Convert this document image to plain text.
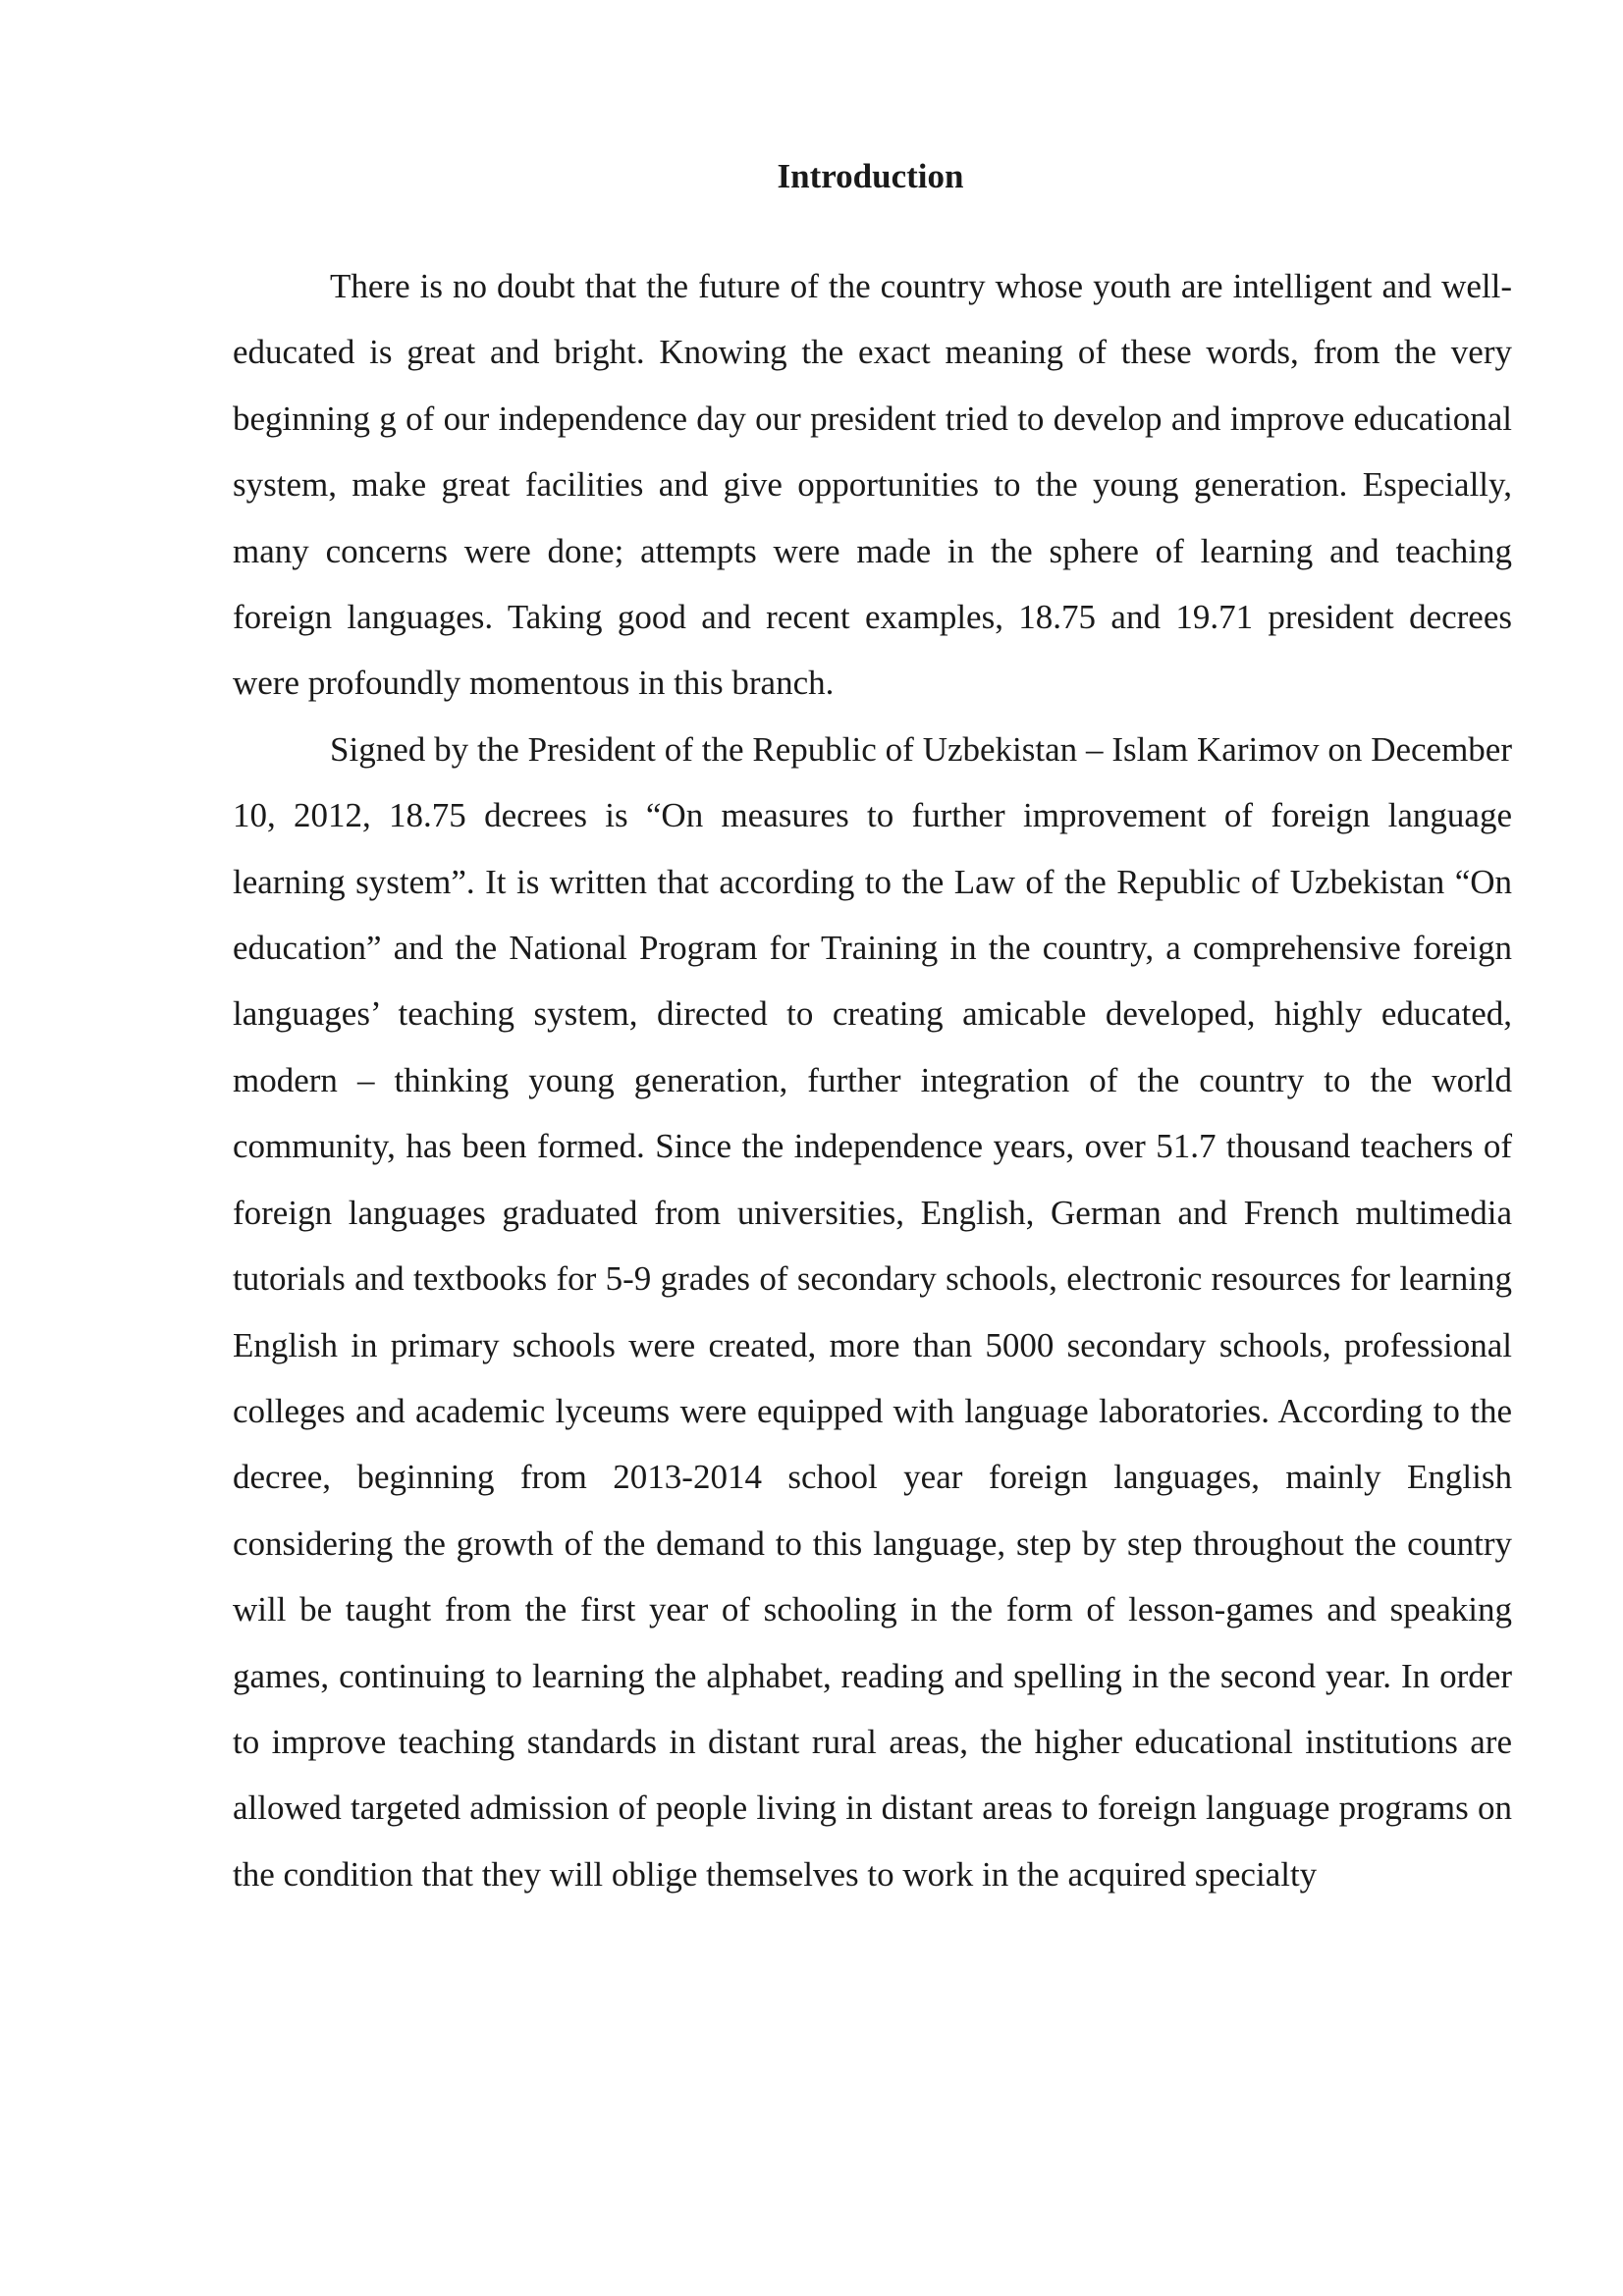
Introduction

There is no doubt that the future of the country whose youth are intelligent and well-educated is great and bright. Knowing the exact meaning of these words, from the very beginning g of our independence day our president tried to develop and improve educational system, make great facilities and give opportunities to the young generation. Especially, many concerns were done; attempts were made in the sphere of learning and teaching foreign languages. Taking good and recent examples, 18.75 and 19.71 president decrees were profoundly momentous in this branch.

Signed by the President of the Republic of Uzbekistan – Islam Karimov on December 10, 2012, 18.75 decrees is “On measures to further improvement of foreign language learning system”. It is written that according to the Law of the Republic of Uzbekistan “On education” and the National Program for Training in the country, a comprehensive foreign languages’ teaching system, directed to creating amicable developed, highly educated, modern – thinking young generation, further integration of the country to the world community, has been formed. Since the independence years, over 51.7 thousand teachers of foreign languages graduated from universities, English, German and French multimedia tutorials and textbooks for 5-9 grades of secondary schools, electronic resources for learning English in primary schools were created, more than 5000 secondary schools, professional colleges and academic lyceums were equipped with language laboratories. According to the decree, beginning from 2013-2014 school year foreign languages, mainly English considering the growth of the demand to this language, step by step throughout the country will be taught from the first year of schooling in the form of lesson-games and speaking games, continuing to learning the alphabet, reading and spelling in the second year. In order to improve teaching standards in distant rural areas, the higher educational institutions are allowed targeted admission of people living in distant areas to foreign language programs on the condition that they will oblige themselves to work in the acquired specialty
